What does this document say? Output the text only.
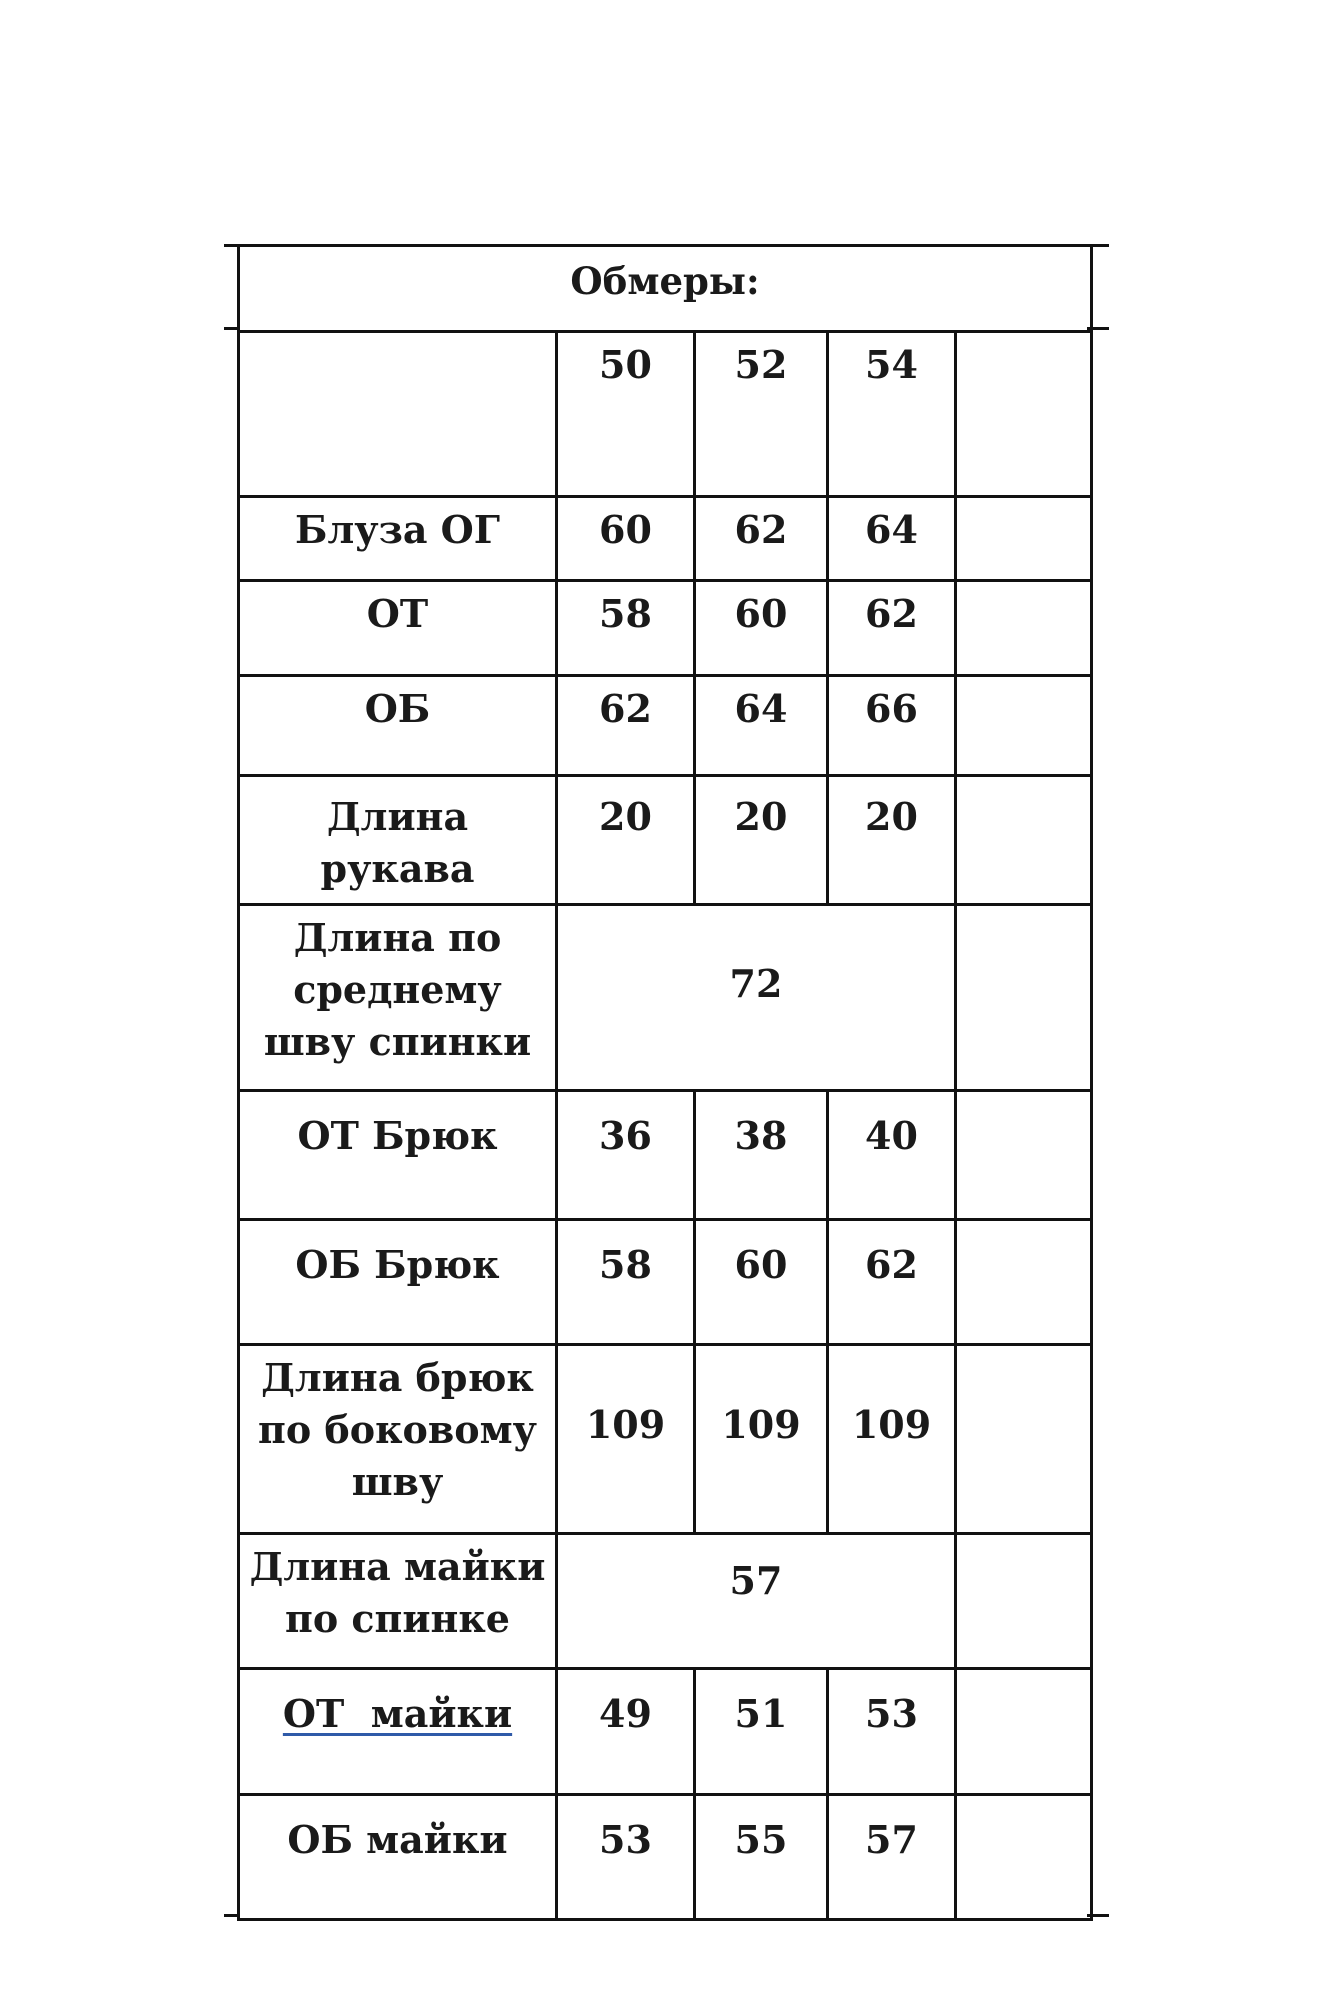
Обмеры:				
	50	52	54	
Блуза ОГ	60	62	64	
ОТ	58	60	62	
ОБ	62	64	66	
Длина рукава	20	20	20	
Длина по среднему шву спинки	72			
ОТ Брюк	36	38	40	
ОБ Брюк	58	60	62	
Длина брюк по боковому шву	109	109	109	
Длина майки по спинке	57			
ОТ  майки	49	51	53	
ОБ майки	53	55	57	
